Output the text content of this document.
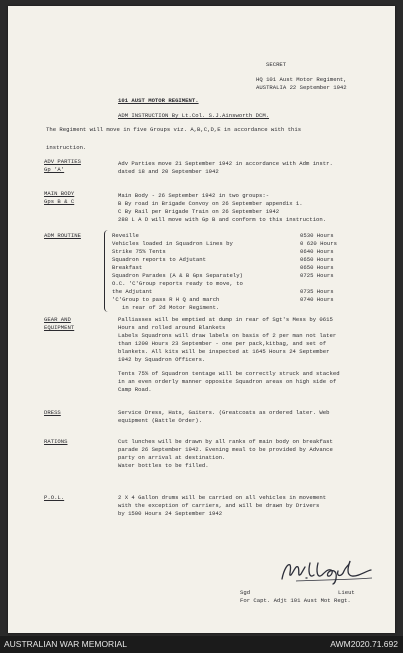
SECRET
HQ 101 Aust Motor Regiment,
AUSTRALIA 22 September 1942
101 AUST MOTOR REGIMENT.
ADM INSTRUCTION By Lt.Col. S.J.Ainsworth DCM.
The Regiment will move in five Groups viz. A,B,C,D,E in accordance with this
instruction.
ADV PARTIES
Gp 'A'
Adv Parties move 21 September 1942 in accordance with Adm instr.
dated 18 and 20 September 1942
MAIN BODY
Gps B & C
Main Body - 26 September 1942 in two groups:-
B By road in Brigade Convoy on 26 September appendix 1.
C By Rail per Brigade Train on 26 September 1942
288 L A D will move with Gp B and conform to this instruction.
ADM ROUTINE	Reveille	0530 Hours
Vehicles loaded in Squadron Lines by	0 620 Hours
Strike 75% Tents	0640 Hours
Squadron reports to Adjutant	0650 Hours
Breakfast	0650 Hours
Squadron Parades (A & B Gps Separately)	0725 Hours
O.C. 'C'Group reports ready to move, to
the Adjutant	0735 Hours
'C'Group to pass R H Q and march	0740 Hours
in rear of 2d Motor Regiment.
GEAR AND
EQUIPMENT
Palliasses will be emptied at dump in rear of Sgt's Mess by 0615
Hours and rolled around Blankets
Labels Squadrons will draw labels on basis of 2 per man not later
than 1200 Hours 23 September - one per pack,kitbag, and set of
blankets. All kits will be inspected at 1645 Hours 24 September
1942 by Squadron Officers.
Tents 75% of Squadron tentage will be correctly struck and stacked
in an even orderly manner opposite Squadron areas on high side of
Camp Road.
DRESS	Service Dress, Hats, Gaiters. (Greatcoats as ordered later. Web
equipment (Battle Order).
RATIONS	Cut lunches will be drawn by all ranks of main body on breakfast
parade 26 September 1942. Evening meal to be provided by Advance
party on arrival at destination.
Water bottles to be filled.
P.O.L.	2 X 4 Gallon drums will be carried on all vehicles in movement
with the exception of carriers, and will be drawn by Drivers
by 1500 Hours 24 September 1942
Sgd	Lieut
For Capt. Adjt 101 Aust Mot Regt.
AUSTRALIAN WAR MEMORIAL	AWM2020.71.692
